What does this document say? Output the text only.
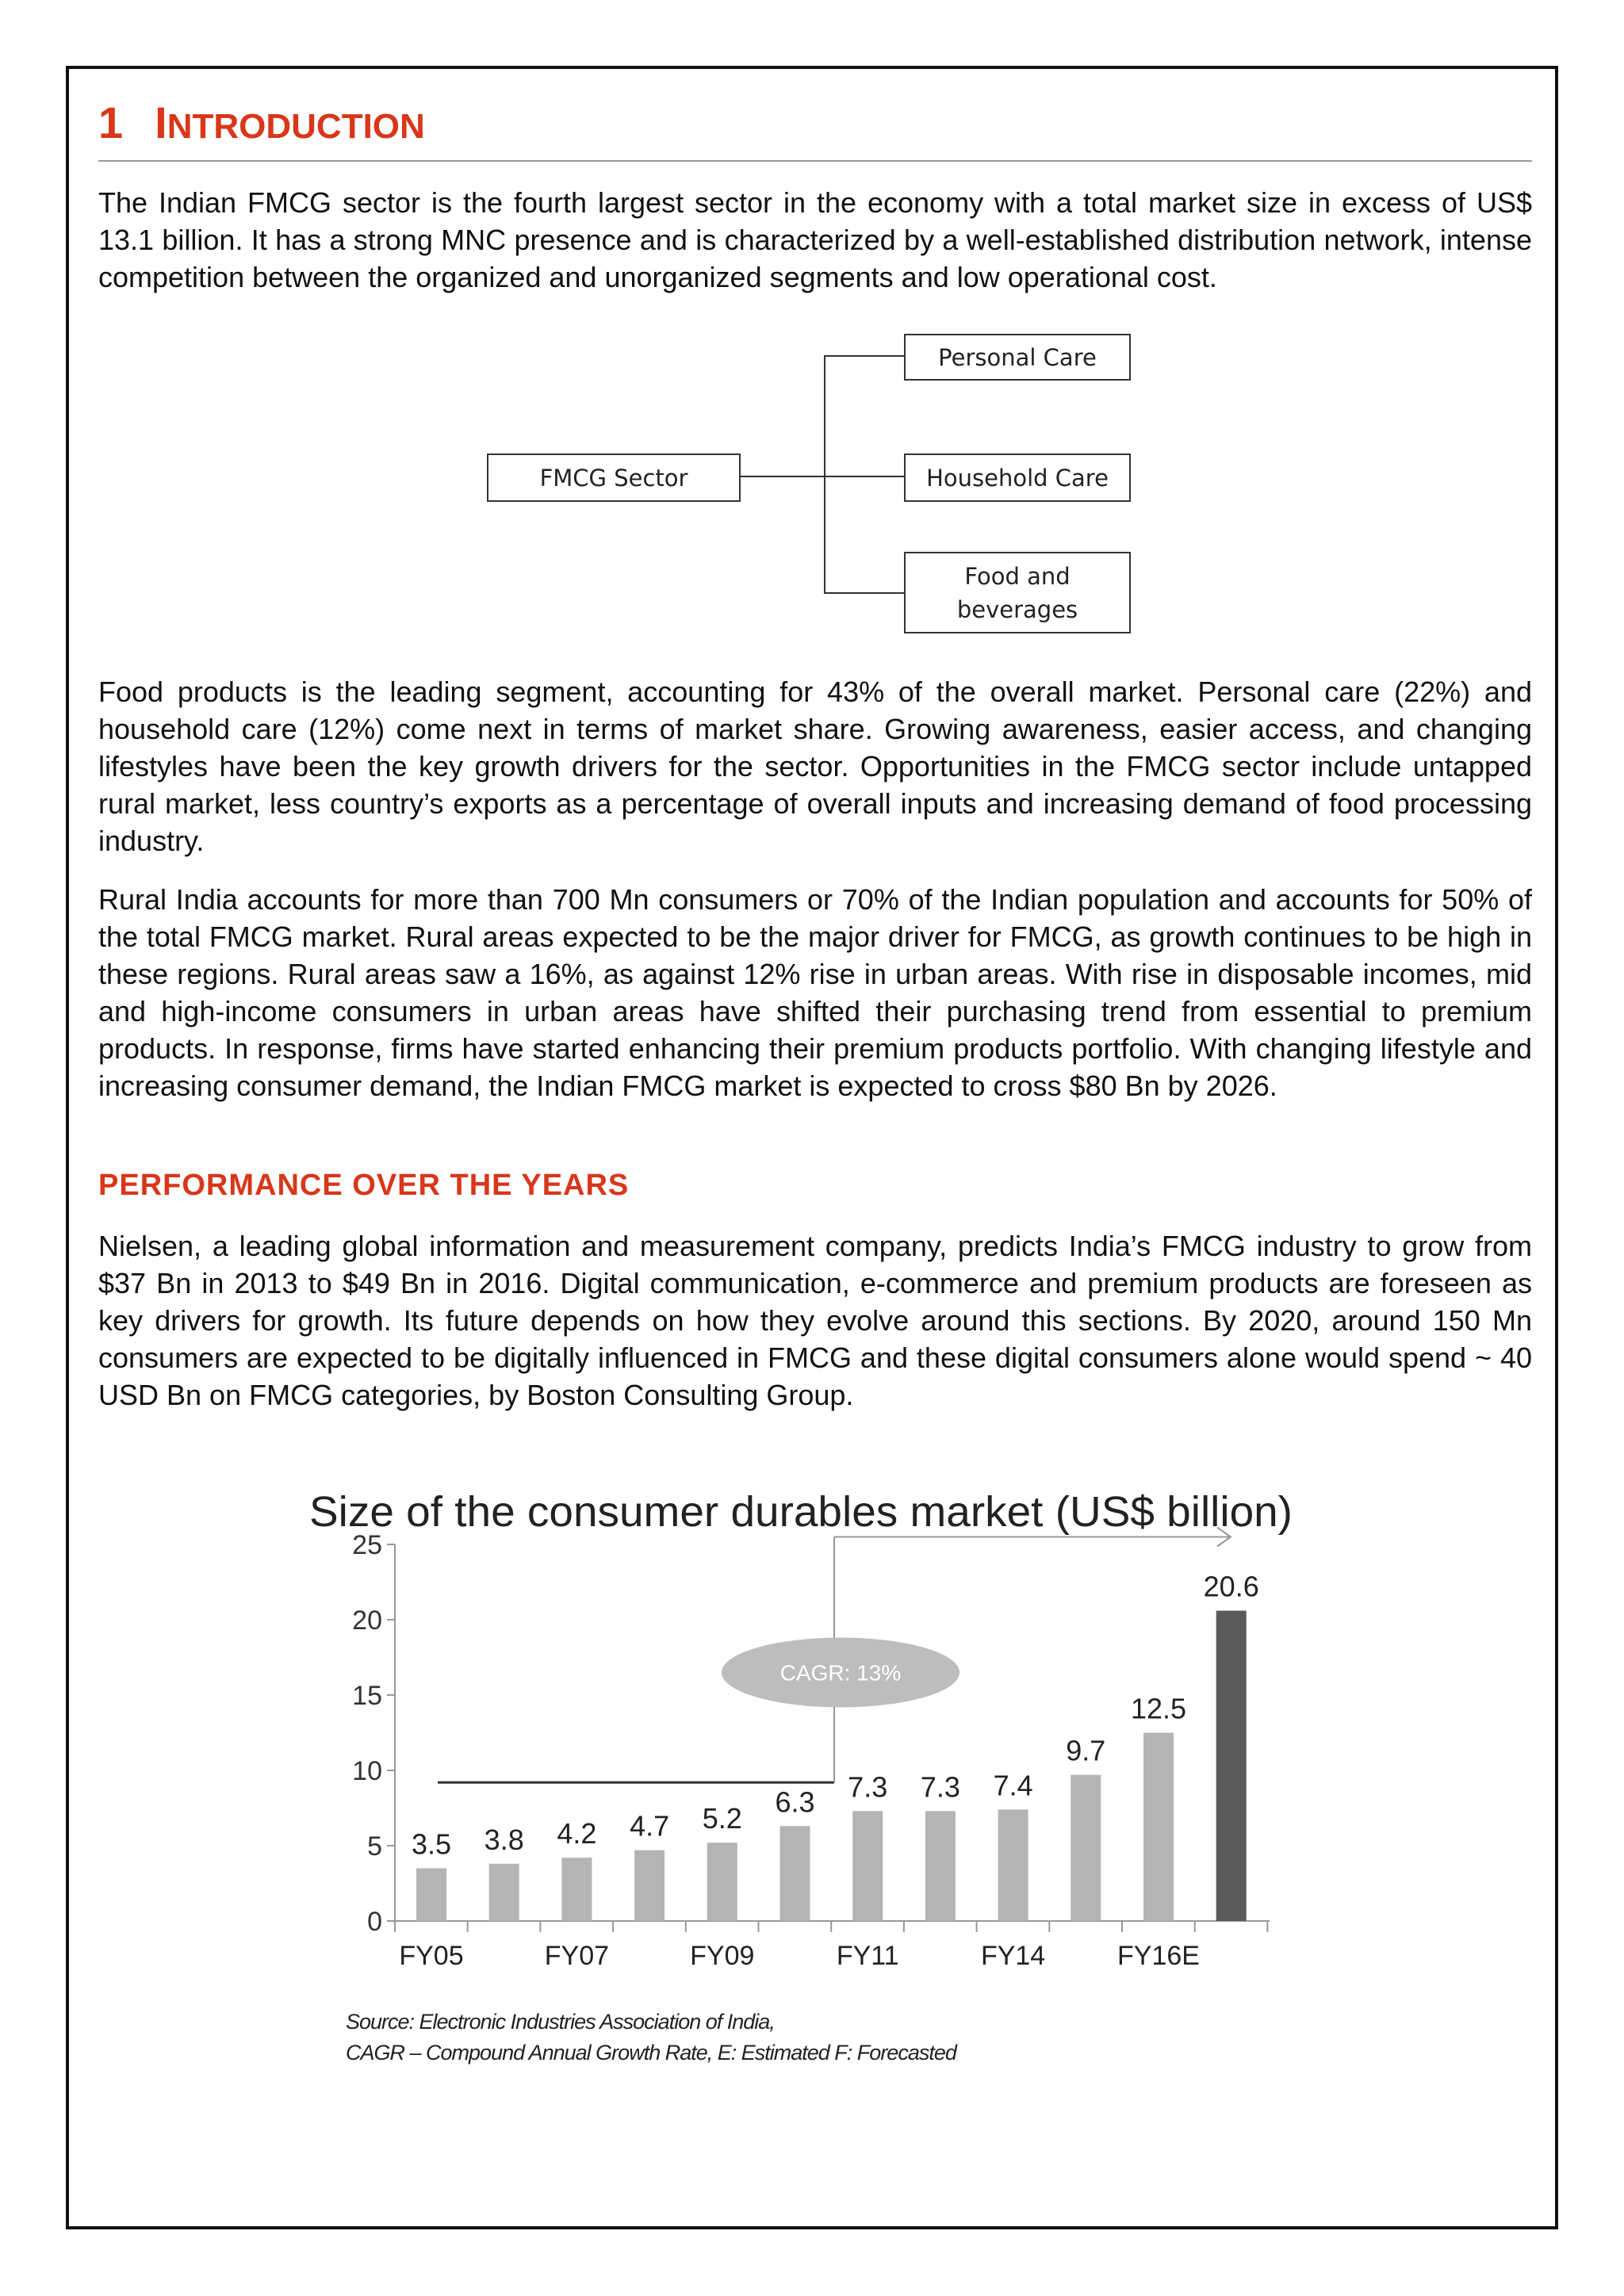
1 INTRODUCTION
The Indian FMCG sector is the fourth largest sector in the economy with a total market size in excess of US$ 13.1 billion. It has a strong MNC presence and is characterized by a well-established distribution network, intense competition between the organized and unorganized segments and low operational cost.
FMCG Sector
Personal Care
Household Care
Food and beverages
Food products is the leading segment, accounting for 43% of the overall market. Personal care (22%) and household care (12%) come next in terms of market share. Growing awareness, easier access, and changing lifestyles have been the key growth drivers for the sector. Opportunities in the FMCG sector include untapped rural market, less country’s exports as a percentage of overall inputs and increasing demand of food processing industry.
Rural India accounts for more than 700 Mn consumers or 70% of the Indian population and accounts for 50% of the total FMCG market. Rural areas expected to be the major driver for FMCG, as growth continues to be high in these regions. Rural areas saw a 16%, as against 12% rise in urban areas. With rise in disposable incomes, mid and high-income consumers in urban areas have shifted their purchasing trend from essential to premium products. In response, firms have started enhancing their premium products portfolio. With changing lifestyle and increasing consumer demand, the Indian FMCG market is expected to cross $80 Bn by 2026.
PERFORMANCE OVER THE YEARS
Nielsen, a leading global information and measurement company, predicts India’s FMCG industry to grow from $37 Bn in 2013 to $49 Bn in 2016. Digital communication, e-commerce and premium products are foreseen as key drivers for growth. Its future depends on how they evolve around this sections. By 2020, around 150 Mn consumers are expected to be digitally influenced in FMCG and these digital consumers alone would spend ~ 40 USD Bn on FMCG categories, by Boston Consulting Group.
Size of the consumer durables market (US$ billion)
0
5
10
15
20
25
CAGR: 13%
3.5 3.8 4.2 4.7 5.2
6.3 7.3 7.3 7.4
9.7
12.5
20.6
FY05	FY07	FY09	FY11	FY14	FY16E
Source: Electronic Industries Association of India,
CAGR – Compound Annual Growth Rate, E: Estimated F: Forecasted
